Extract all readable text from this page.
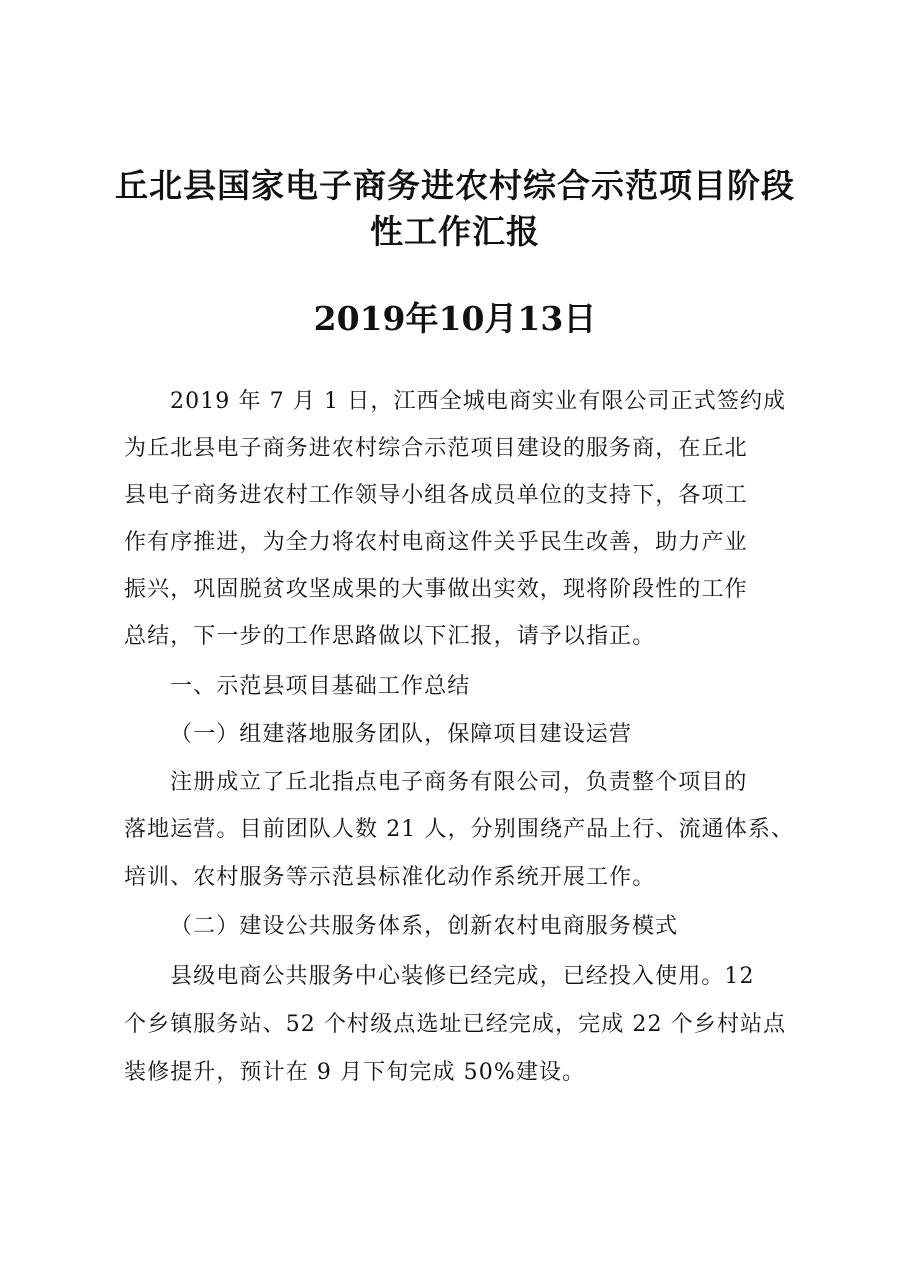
丘北县国家电子商务进农村综合示范项目阶段
性工作汇报
2019年10月13日
2019 年 7 月 1 日，江西全城电商实业有限公司正式签约成
为丘北县电子商务进农村综合示范项目建设的服务商，在丘北
县电子商务进农村工作领导小组各成员单位的支持下，各项工
作有序推进，为全力将农村电商这件关乎民生改善，助力产业
振兴，巩固脱贫攻坚成果的大事做出实效，现将阶段性的工作
总结，下一步的工作思路做以下汇报，请予以指正。
一、示范县项目基础工作总结
（一）组建落地服务团队，保障项目建设运营
注册成立了丘北指点电子商务有限公司，负责整个项目的
落地运营。目前团队人数 21 人，分别围绕产品上行、流通体系、
培训、农村服务等示范县标准化动作系统开展工作。
（二）建设公共服务体系，创新农村电商服务模式
县级电商公共服务中心装修已经完成，已经投入使用。12
个乡镇服务站、52 个村级点选址已经完成，完成 22 个乡村站点
装修提升，预计在 9 月下旬完成 50%建设。
